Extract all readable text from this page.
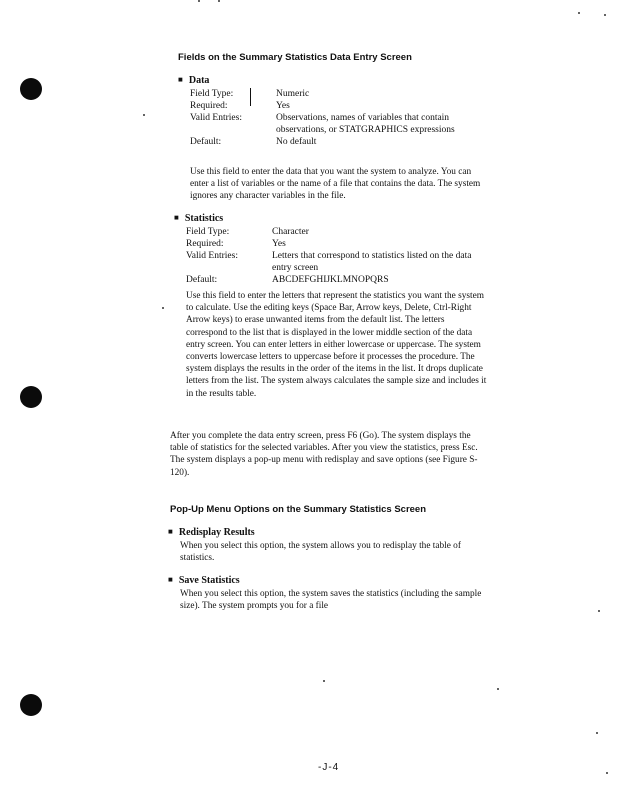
Fields on the Summary Statistics Data Entry Screen
■ Data
Field Type:	Numeric
Required:	Yes
Valid Entries:	Observations, names of variables that contain observations, or STATGRAPHICS expressions
Default:	No default
Use this field to enter the data that you want the system to analyze. You can enter a list of variables or the name of a file that contains the data. The system ignores any character variables in the file.
■ Statistics
Field Type:	Character
Required:	Yes
Valid Entries:	Letters that correspond to statistics listed on the data entry screen
Default:	ABCDEFGHIJKLMNOPQRS
Use this field to enter the letters that represent the statistics you want the system to calculate. Use the editing keys (Space Bar, Arrow keys, Delete, Ctrl-Right Arrow keys) to erase unwanted items from the default list. The letters correspond to the list that is displayed in the lower middle section of the data entry screen. You can enter letters in either lowercase or uppercase. The system converts lowercase letters to uppercase before it processes the procedure. The system displays the results in the order of the items in the list. It drops duplicate letters from the list. The system always calculates the sample size and includes it in the results table.
After you complete the data entry screen, press F6 (Go). The system displays the table of statistics for the selected variables. After you view the statistics, press Esc. The system displays a pop-up menu with redisplay and save options (see Figure S-120).
Pop-Up Menu Options on the Summary Statistics Screen
■ Redisplay Results
When you select this option, the system allows you to redisplay the table of statistics.
■ Save Statistics
When you select this option, the system saves the statistics (including the sample size). The system prompts you for a file
-J-4
